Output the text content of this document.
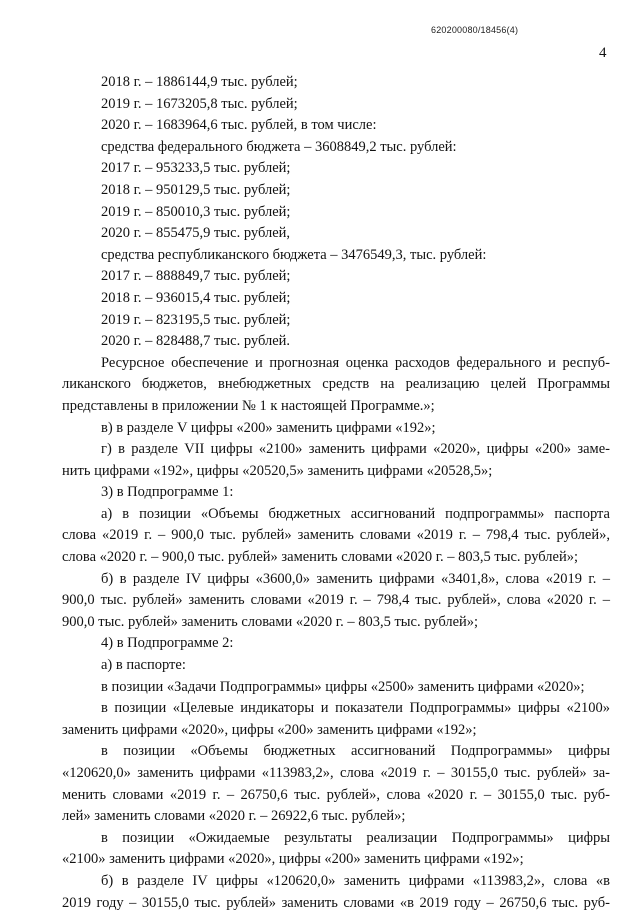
620200080/18456(4)
4
2018 г. – 1886144,9 тыс. рублей;
2019 г. – 1673205,8 тыс. рублей;
2020 г. – 1683964,6 тыс. рублей, в том числе:
средства федерального бюджета – 3608849,2 тыс. рублей:
2017 г. – 953233,5 тыс. рублей;
2018 г. – 950129,5 тыс. рублей;
2019 г. – 850010,3 тыс. рублей;
2020 г. – 855475,9 тыс. рублей,
средства республиканского бюджета – 3476549,3, тыс. рублей:
2017 г. – 888849,7 тыс. рублей;
2018 г. – 936015,4 тыс. рублей;
2019 г. – 823195,5 тыс. рублей;
2020 г. – 828488,7 тыс. рублей.
Ресурсное обеспечение и прогнозная оценка расходов федерального и респуб-
ликанского бюджетов, внебюджетных средств на реализацию целей Программы
представлены в приложении № 1 к настоящей Программе.»;
в) в разделе V цифры «200» заменить цифрами «192»;
г) в разделе VII цифры «2100» заменить цифрами «2020», цифры «200» заме-
нить цифрами «192», цифры «20520,5» заменить цифрами «20528,5»;
3) в Подпрограмме 1:
а) в позиции «Объемы бюджетных ассигнований подпрограммы» паспорта
слова «2019 г. – 900,0 тыс. рублей» заменить словами «2019 г. – 798,4 тыс. рублей»,
слова «2020 г. – 900,0 тыс. рублей» заменить словами «2020 г. – 803,5 тыс. рублей»;
б) в разделе IV цифры «3600,0» заменить цифрами «3401,8», слова «2019 г. –
900,0 тыс. рублей» заменить словами «2019 г. – 798,4 тыс. рублей», слова «2020 г. –
900,0 тыс. рублей» заменить словами «2020 г. – 803,5 тыс. рублей»;
4) в Подпрограмме 2:
а) в паспорте:
в позиции «Задачи Подпрограммы» цифры «2500» заменить цифрами «2020»;
в позиции «Целевые индикаторы и показатели Подпрограммы» цифры «2100»
заменить цифрами «2020», цифры «200» заменить цифрами «192»;
в позиции «Объемы бюджетных ассигнований Подпрограммы» цифры
«120620,0» заменить цифрами «113983,2», слова «2019 г. – 30155,0 тыс. рублей» за-
менить словами «2019 г. – 26750,6 тыс. рублей», слова «2020 г. – 30155,0 тыс. руб-
лей» заменить словами «2020 г. – 26922,6 тыс. рублей»;
в позиции «Ожидаемые результаты реализации Подпрограммы» цифры
«2100» заменить цифрами «2020», цифры «200» заменить цифрами «192»;
б) в разделе IV цифры «120620,0» заменить цифрами «113983,2», слова «в
2019 году – 30155,0 тыс. рублей» заменить словами «в 2019 году – 26750,6 тыс. руб-
